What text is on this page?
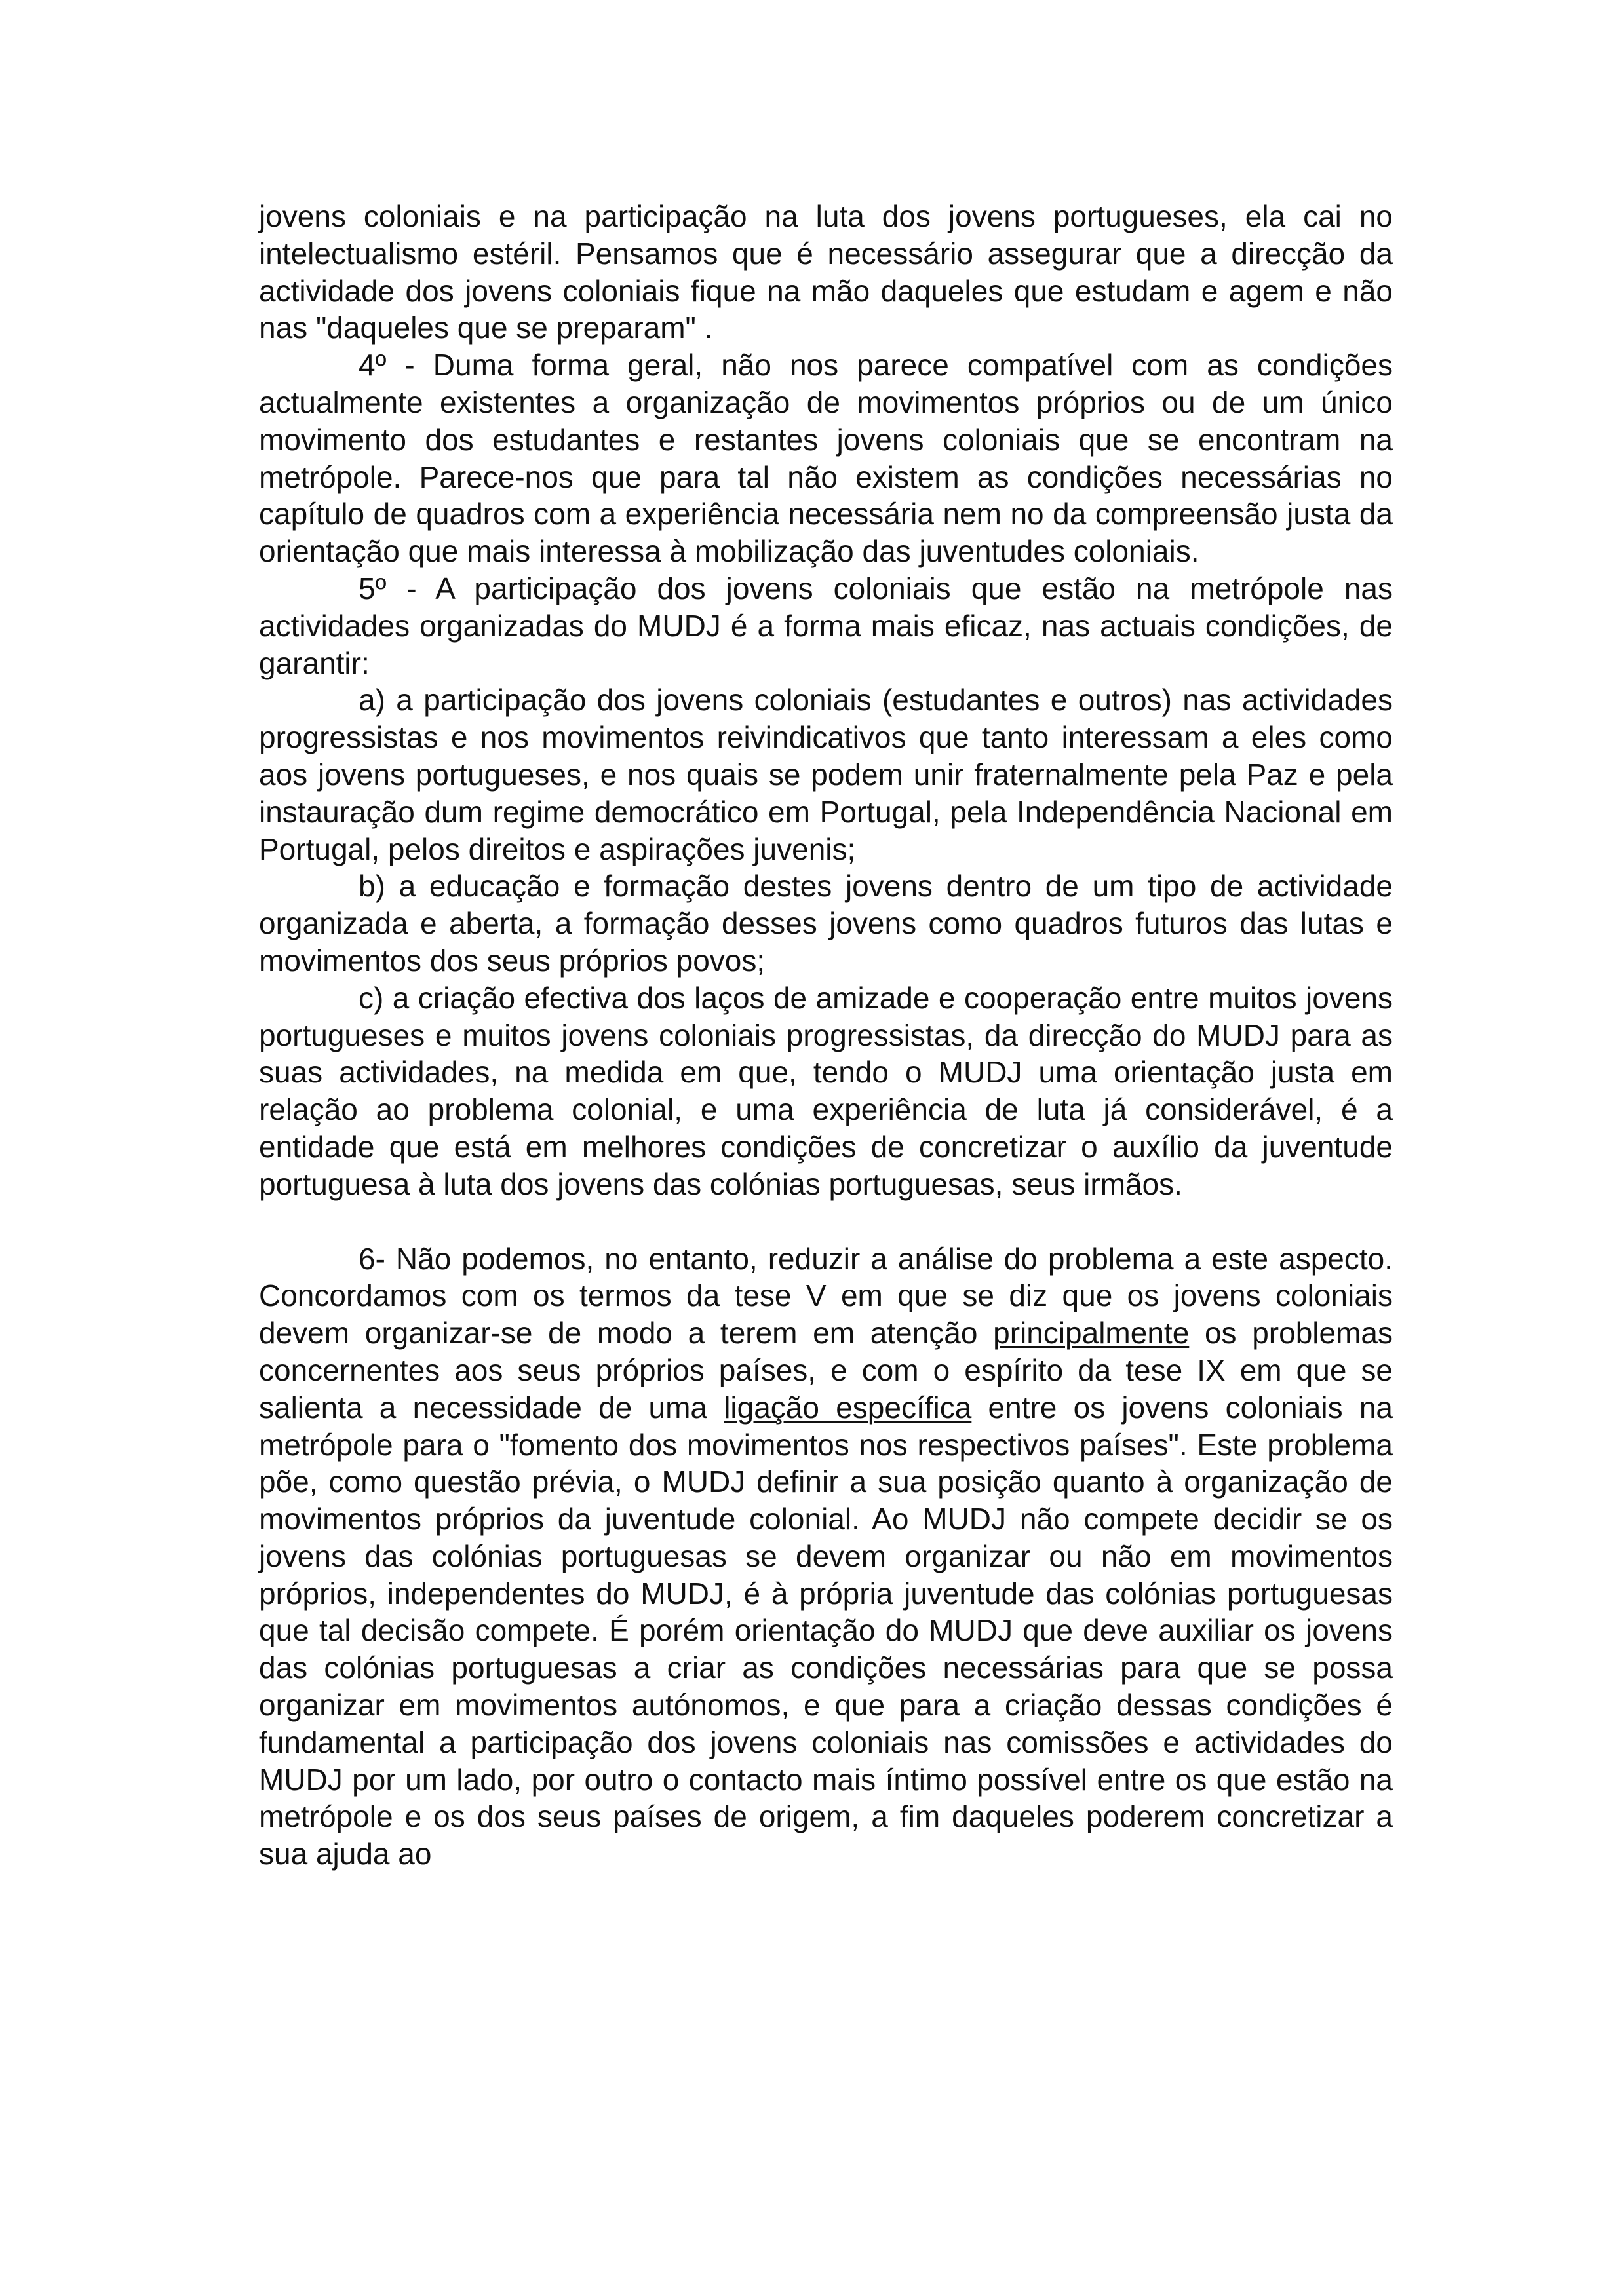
jovens coloniais e na participação na luta dos jovens portugueses, ela cai no intelectualismo estéril. Pensamos que é necessário assegurar que a direcção da actividade dos jovens coloniais fique na mão daqueles que estudam e agem e não nas "daqueles que se preparam" .

4º - Duma forma geral, não nos parece compatível com as condições actualmente existentes a organização de movimentos próprios ou de um único movimento dos estudantes e restantes jovens coloniais que se encontram na metrópole. Parece-nos que para tal não existem as condições necessárias no capítulo de quadros com a experiência necessária nem no da compreensão justa da orientação que mais interessa à mobilização das juventudes coloniais.

5º - A participação dos jovens coloniais que estão na metrópole nas actividades organizadas do MUDJ é a forma mais eficaz, nas actuais condições, de garantir:

a) a participação dos jovens coloniais (estudantes e outros) nas actividades progressistas e nos movimentos reivindicativos que tanto interessam a eles como aos jovens portugueses, e nos quais se podem unir fraternalmente pela Paz e pela instauração dum regime democrático em Portugal, pela Independência Nacional em Portugal, pelos direitos e aspirações juvenis;

b) a educação e formação destes jovens dentro de um tipo de actividade organizada e aberta, a formação desses jovens como quadros futuros das lutas e movimentos dos seus próprios povos;

c) a criação efectiva dos laços de amizade e cooperação entre muitos jovens portugueses e muitos jovens coloniais progressistas, da direcção do MUDJ para as suas actividades, na medida em que, tendo o MUDJ uma orientação justa em relação ao problema colonial, e uma experiência de luta já considerável, é a entidade que está em melhores condições de concretizar o auxílio da juventude portuguesa à luta dos jovens das colónias portuguesas, seus irmãos.

6- Não podemos, no entanto, reduzir a análise do problema a este aspecto. Concordamos com os termos da tese V em que se diz que os jovens coloniais devem organizar-se de modo a terem em atenção principalmente os problemas concernentes aos seus próprios países, e com o espírito da tese IX em que se salienta a necessidade de uma ligação específica entre os jovens coloniais na metrópole para o "fomento dos movimentos nos respectivos países". Este problema põe, como questão prévia, o MUDJ definir a sua posição quanto à organização de movimentos próprios da juventude colonial. Ao MUDJ não compete decidir se os jovens das colónias portuguesas se devem organizar ou não em movimentos próprios, independentes do MUDJ, é à própria juventude das colónias portuguesas que tal decisão compete. É porém orientação do MUDJ que deve auxiliar os jovens das colónias portuguesas a criar as condições necessárias para que se possa organizar em movimentos autónomos, e que para a criação dessas condições é fundamental a participação dos jovens coloniais nas comissões e actividades do MUDJ por um lado, por outro o contacto mais íntimo possível entre os que estão na metrópole e os dos seus países de origem, a fim daqueles poderem concretizar a sua ajuda ao
